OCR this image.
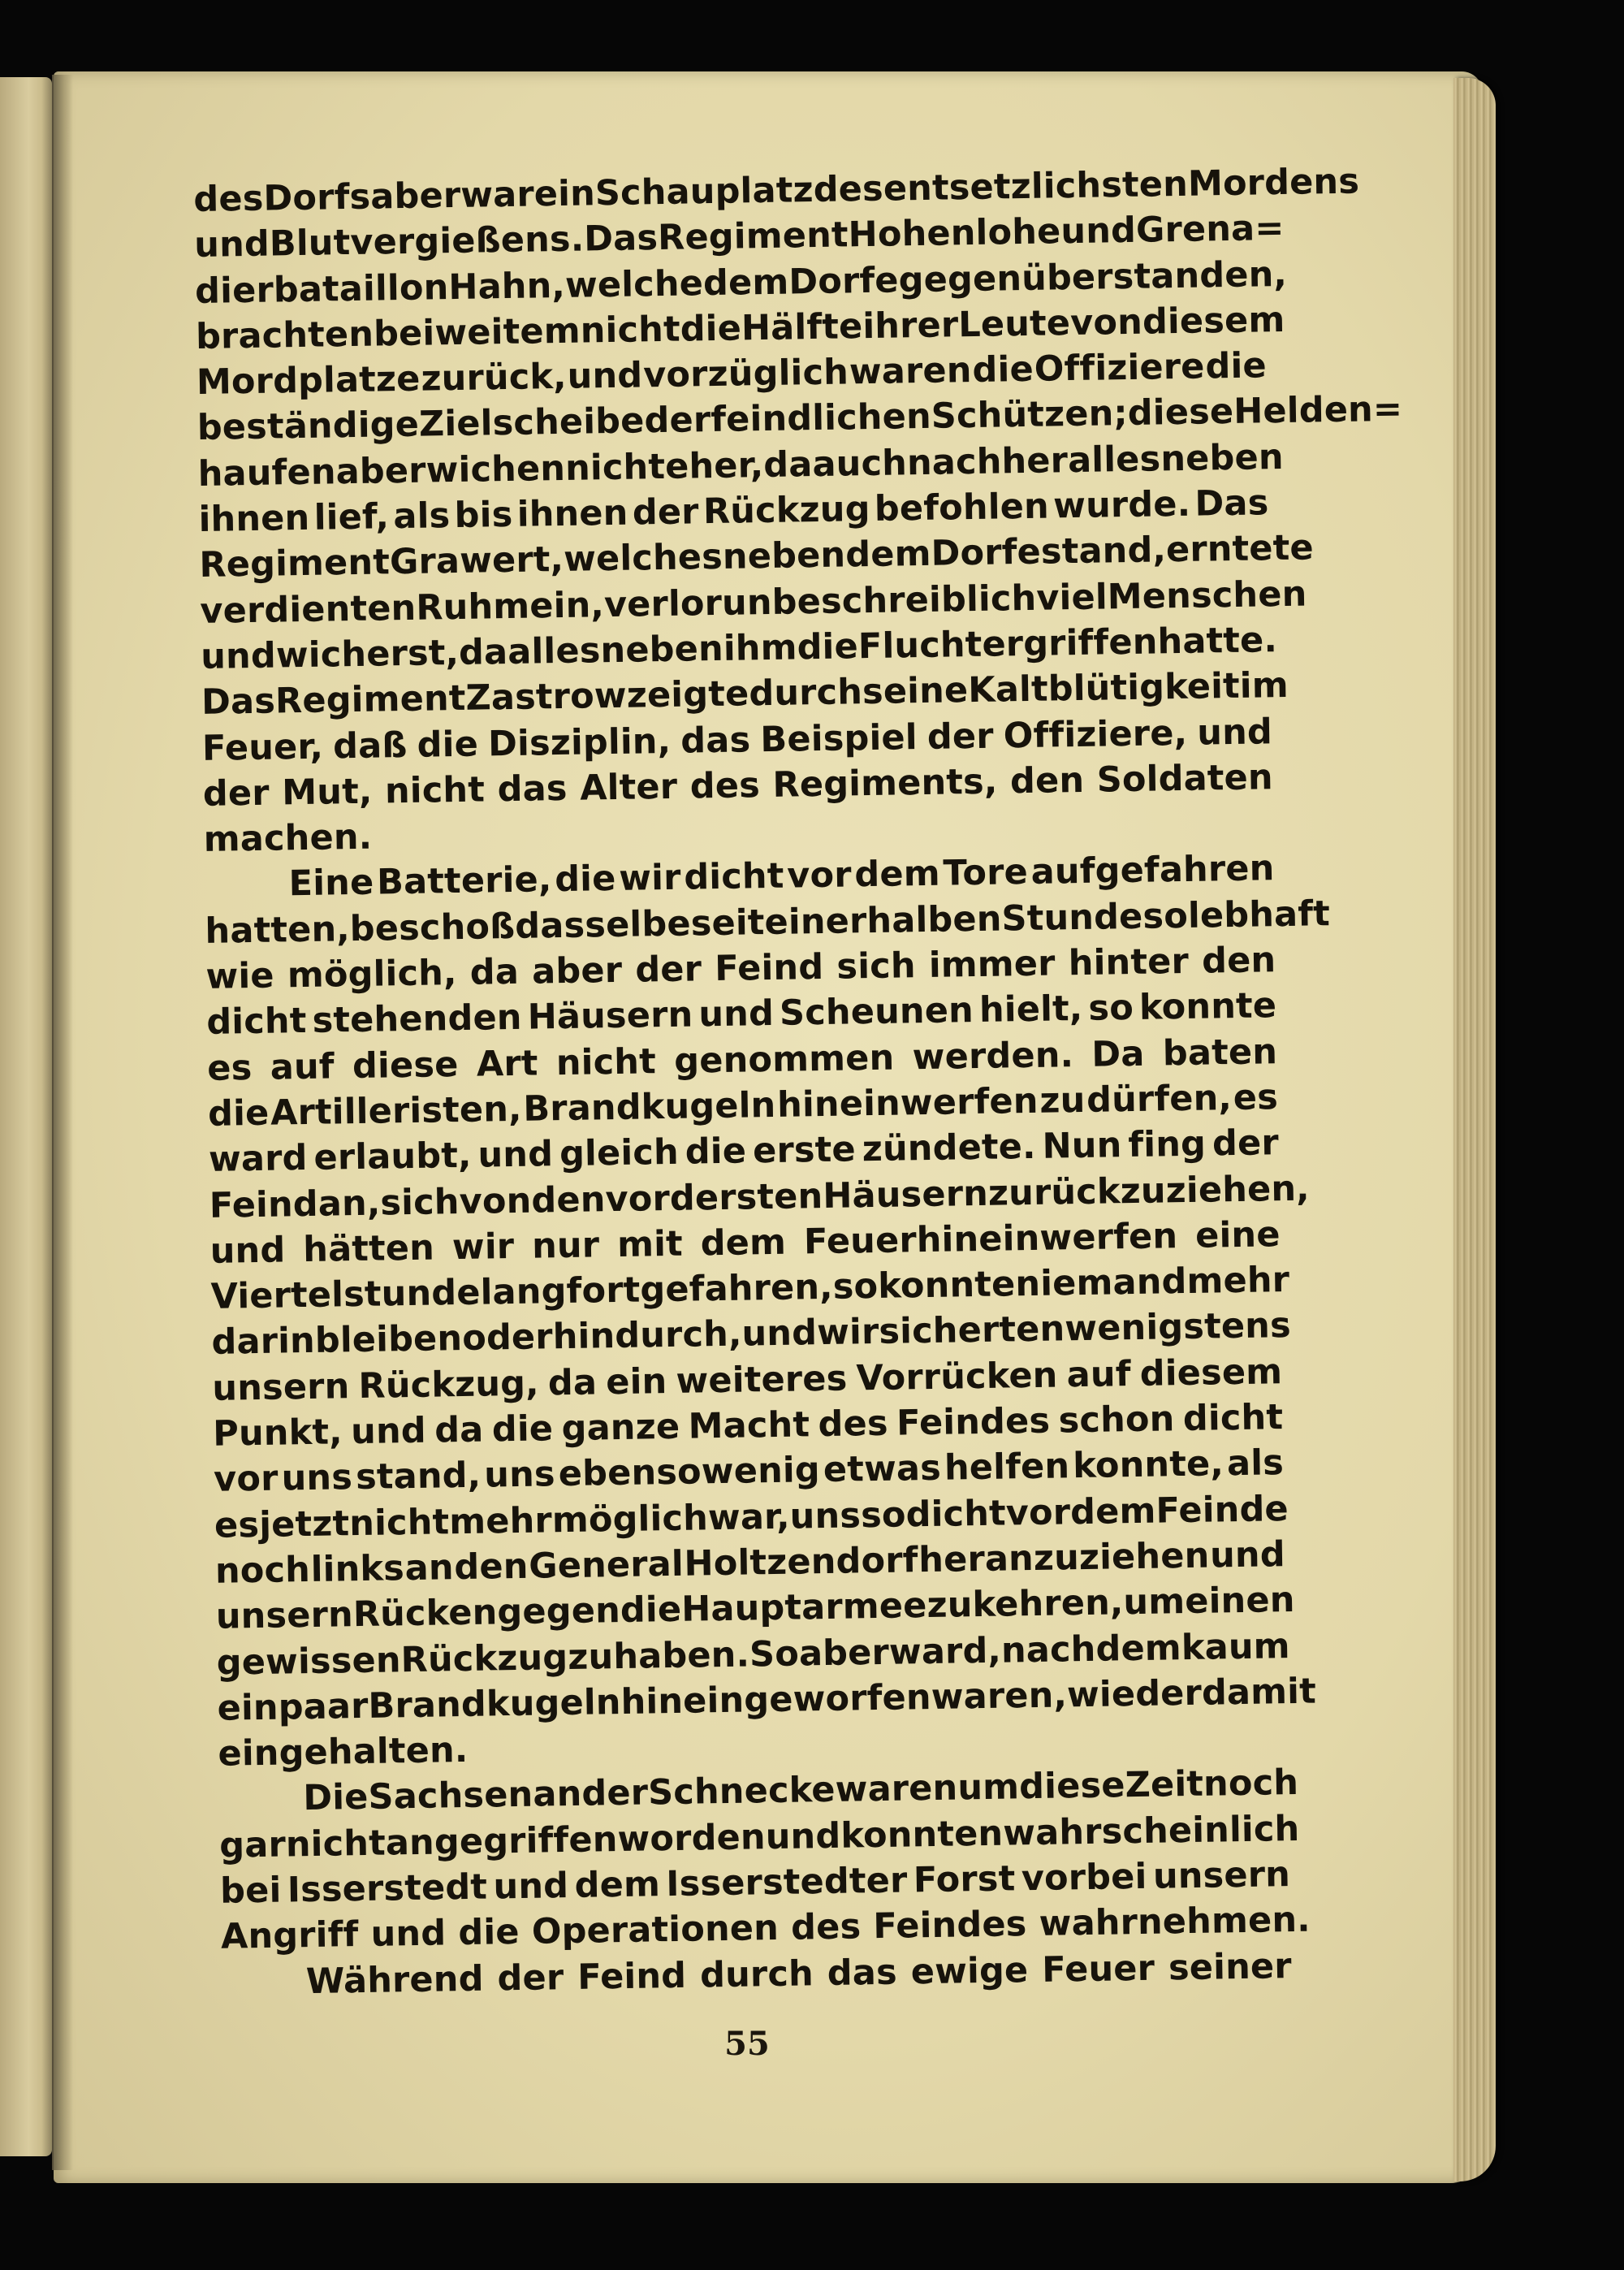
des Dorfs aber war ein Schauplatz des entsetzlichsten Mordens
und Blutvergießens. Das Regiment Hohenlohe und Grena=
dierbataillon Hahn, welche dem Dorfe gegenüber standen,
brachten bei weitem nicht die Hälfte ihrer Leute von diesem
Mordplatze zurück, und vorzüglich waren die Offiziere die
beständige Zielscheibe der feindlichen Schützen; diese Helden=
haufen aber wichen nicht eher, da auch nachher alles neben
ihnen lief, als bis ihnen der Rückzug befohlen wurde. Das
Regiment Grawert, welches neben dem Dorfe stand, erntete
verdienten Ruhm ein, verlor unbeschreiblich viel Menschen
und wich erst, da alles neben ihm die Flucht ergriffen hatte.
Das Regiment Zastrow zeigte durch seine Kaltblütigkeit im
Feuer, daß die Disziplin, das Beispiel der Offiziere, und
der Mut, nicht das Alter des Regiments, den Soldaten
machen.
Eine Batterie, die wir dicht vor dem Tore aufgefahren
hatten, beschoß dasselbe seit einer halben Stunde so lebhaft
wie möglich, da aber der Feind sich immer hinter den
dicht stehenden Häusern und Scheunen hielt, so konnte
es auf diese Art nicht genommen werden. Da baten
die Artilleristen, Brandkugeln hineinwerfen zu dürfen, es
ward erlaubt, und gleich die erste zündete. Nun fing der
Feind an, sich von den vordersten Häusern zurückzuziehen,
und hätten wir nur mit dem Feuerhineinwerfen eine
Viertelstunde lang fortgefahren, so konnte niemand mehr
darin bleiben oder hindurch, und wir sicherten wenigstens
unsern Rückzug, da ein weiteres Vorrücken auf diesem
Punkt, und da die ganze Macht des Feindes schon dicht
vor uns stand, uns ebensowenig etwas helfen konnte, als
es jetzt nicht mehr möglich war, uns so dicht vor dem Feinde
noch links an den General Holtzendorf heranzuziehen und
unsern Rücken gegen die Hauptarmee zu kehren, um einen
gewissen Rückzug zu haben. So aber ward, nachdem kaum
ein paar Brandkugeln hineingeworfen waren, wieder damit
eingehalten.
Die Sachsen an der Schnecke waren um diese Zeit noch
gar nicht angegriffen worden und konnten wahrscheinlich
bei Isserstedt und dem Isserstedter Forst vorbei unsern
Angriff
und
die
Operationen
des
Feindes
wahrnehmen.
Während der Feind durch das ewige Feuer seiner
55
